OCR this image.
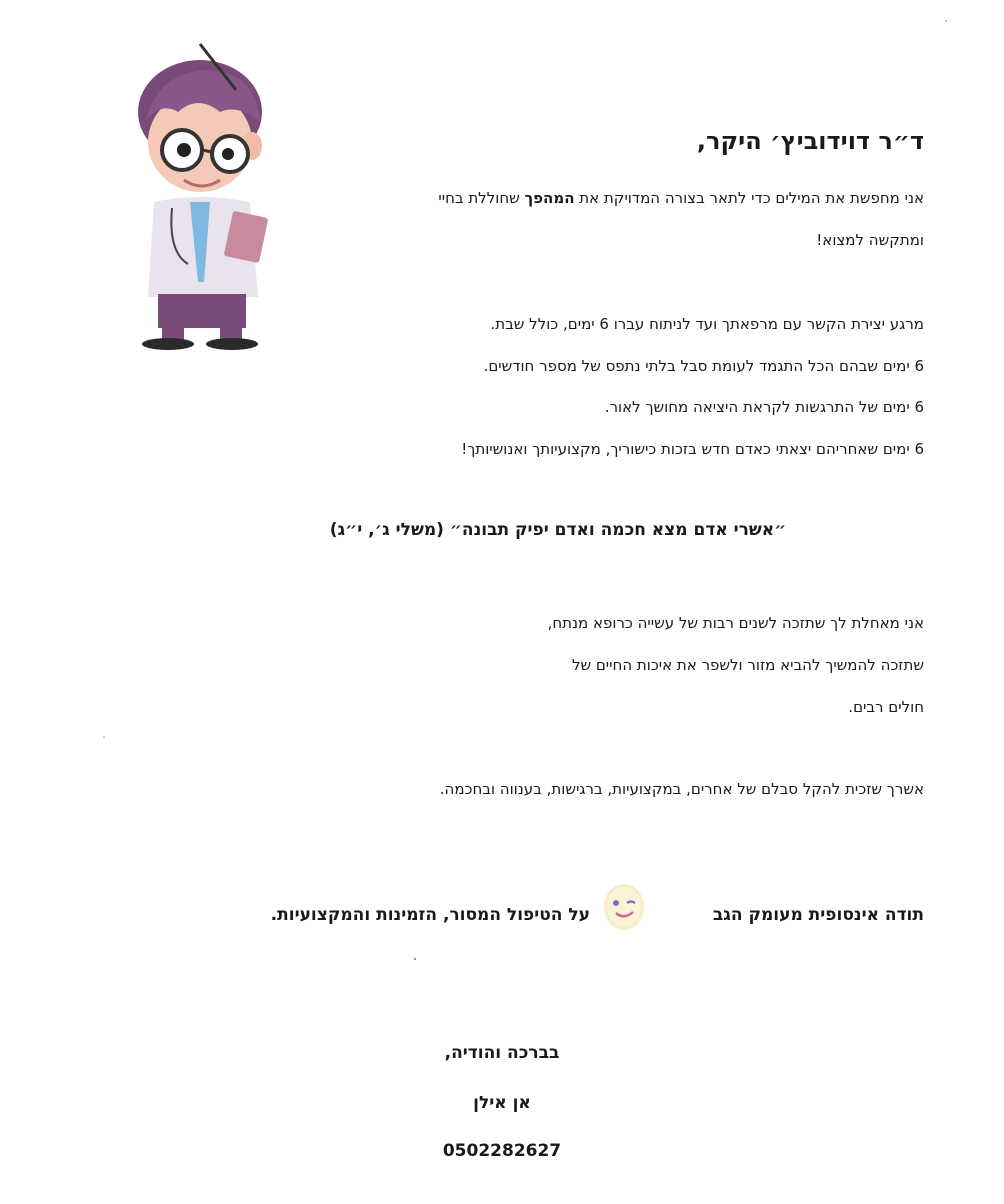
ד״ר דוידוביץ׳ היקר,

אני מחפשת את המילים כדי לתאר בצורה המדויקת את המהפך שחוללת בחיי

ומתקשה למצוא!

מרגע יצירת הקשר עם מרפאתך ועד לניתוח עברו 6 ימים, כולל שבת.

6 ימים שבהם הכל התגמד לעומת סבל בלתי נתפס של מספר חודשים.

6 ימים של התרגשות לקראת היציאה מחושך לאור.

6 ימים שאחריהם יצאתי כאדם חדש בזכות כישוריך, מקצועיותך ואנושיותך!

״אשרי אדם מצא חכמה ואדם יפיק תבונה״ (משלי ג׳, י״ג)

אני מאחלת לך שתזכה לשנים רבות של עשייה כרופא מנתח,

שתזכה להמשיך להביא מזור ולשפר את איכות החיים של

חולים רבים.

אשרך שזכית להקל סבלם של אחרים, במקצועיות, ברגישות, בענווה ובחכמה.

תודה אינסופית מעומק הגב

על הטיפול המסור, הזמינות והמקצועיות.

בברכה והודיה,

אן אילן

0502282627
